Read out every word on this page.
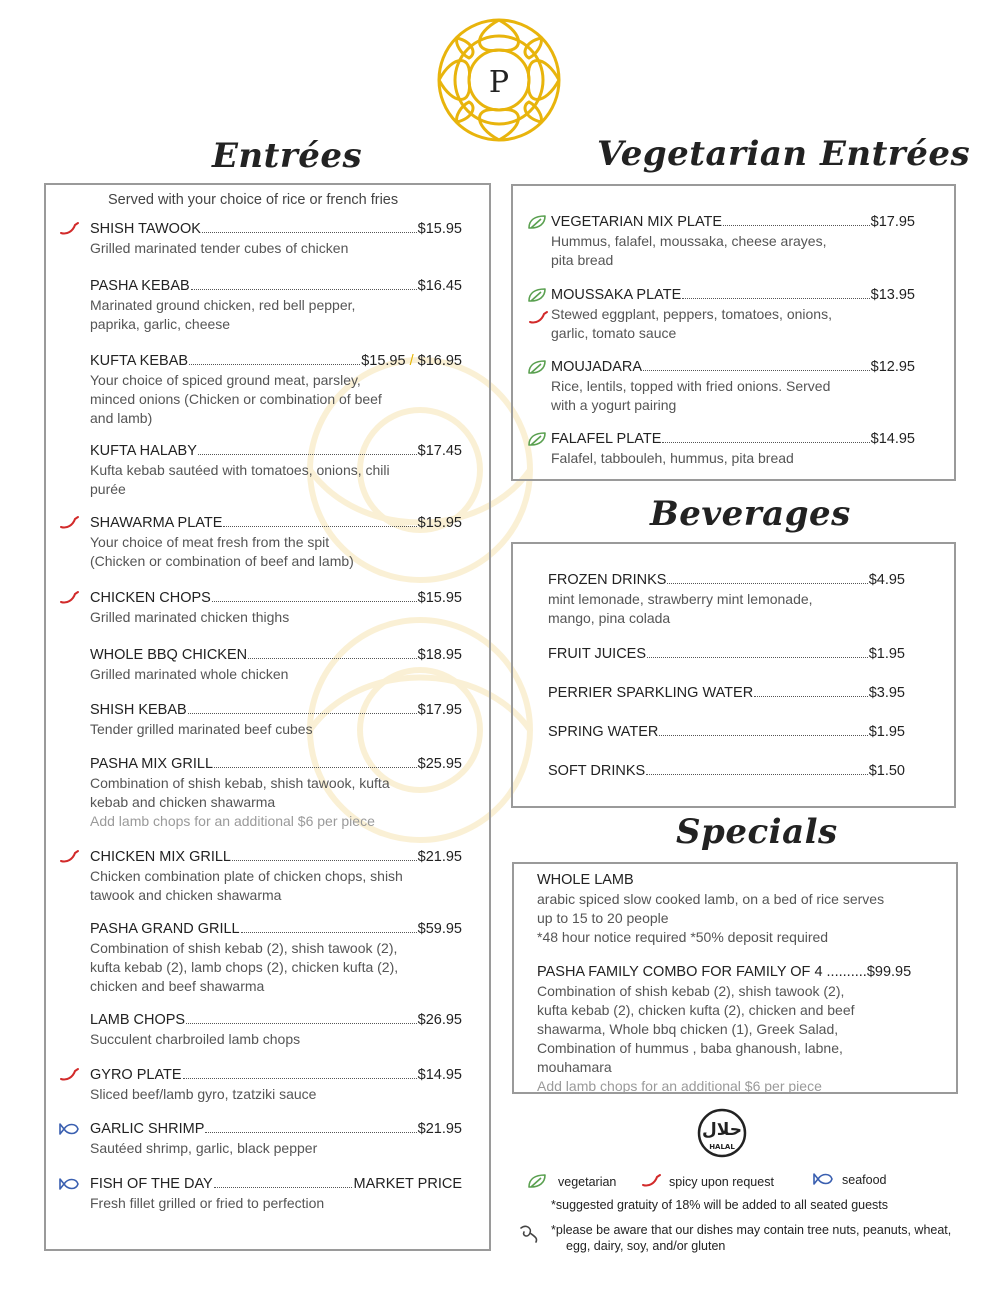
P
Entrées
Served with your choice of rice or french fries
SHISH TAWOOK	$15.95
Grilled marinated tender cubes of chicken
PASHA KEBAB	$16.45
Marinated ground chicken, red bell pepper,
paprika, garlic, cheese
KUFTA KEBAB	$15.95 / $16.95
Your choice of spiced ground meat, parsley,
minced onions (Chicken or combination of beef
and lamb)
KUFTA HALABY	$17.45
Kufta kebab sautéed with tomatoes, onions, chili
purée
SHAWARMA PLATE	$15.95
Your choice of meat fresh from the spit
(Chicken or combination of beef and lamb)
CHICKEN CHOPS	$15.95
Grilled marinated chicken thighs
WHOLE BBQ CHICKEN	$18.95
Grilled marinated whole chicken
SHISH KEBAB	$17.95
Tender grilled marinated beef cubes
PASHA MIX GRILL	$25.95
Combination of shish kebab, shish tawook, kufta
kebab and chicken shawarma
Add lamb chops for an additional $6 per piece
CHICKEN MIX GRILL	$21.95
Chicken combination plate of chicken chops, shish
tawook and chicken shawarma
PASHA GRAND GRILL	$59.95
Combination of shish kebab (2), shish tawook (2),
kufta kebab (2), lamb chops (2), chicken kufta (2),
chicken and beef shawarma
LAMB CHOPS	$26.95
Succulent charbroiled lamb chops
GYRO PLATE	$14.95
Sliced beef/lamb gyro, tzatziki sauce
GARLIC SHRIMP	$21.95
Sautéed shrimp, garlic, black pepper
FISH OF THE DAY	MARKET PRICE
Fresh fillet grilled or fried to perfection
Vegetarian Entrées
VEGETARIAN MIX PLATE	$17.95
Hummus, falafel, moussaka, cheese arayes,
pita bread
MOUSSAKA PLATE	$13.95
Stewed eggplant, peppers, tomatoes, onions,
garlic, tomato sauce
MOUJADARA	$12.95
Rice, lentils, topped with fried onions. Served
with a yogurt pairing
FALAFEL PLATE	$14.95
Falafel, tabbouleh, hummus, pita bread
Beverages
FROZEN DRINKS	$4.95
mint lemonade, strawberry mint lemonade,
mango, pina colada
FRUIT JUICES	$1.95
PERRIER SPARKLING WATER	$3.95
SPRING WATER	$1.95
SOFT DRINKS	$1.50
Specials
WHOLE LAMB
arabic spiced slow cooked lamb, on a bed of rice serves
up to 15 to 20 people
*48 hour notice required *50% deposit required
PASHA FAMILY COMBO FOR FAMILY OF 4 ..........$99.95
Combination of shish kebab (2), shish tawook (2),
kufta kebab (2), chicken kufta (2), chicken and beef
shawarma, Whole bbq chicken (1), Greek Salad,
Combination of hummus , baba ghanoush, labne,
mouhamara
Add lamb chops for an additional $6 per piece
حلال
HALAL
vegetarian	spicy upon request	seafood
*suggested gratuity of 18% will be added to all seated guests
*please be aware that our dishes may contain tree nuts, peanuts, wheat,
egg, dairy, soy, and/or gluten
